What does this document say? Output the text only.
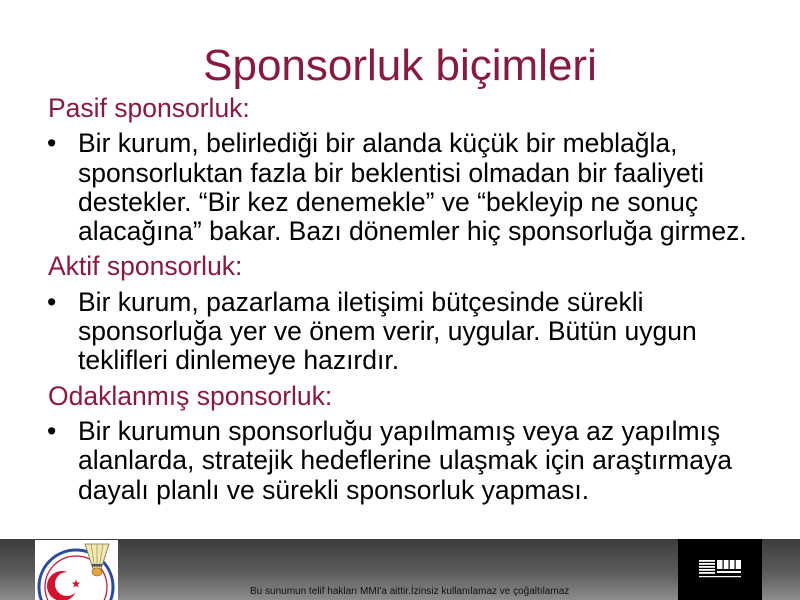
Sponsorluk biçimleri
Pasif sponsorluk:
• Bir kurum, belirlediği bir alanda küçük bir meblağla,
sponsorluktan fazla bir beklentisi olmadan bir faaliyeti
destekler. “Bir kez denemekle” ve “bekleyip ne sonuç
alacağına” bakar. Bazı dönemler hiç sponsorluğa girmez.
Aktif sponsorluk:
• Bir kurum, pazarlama iletişimi bütçesinde sürekli
sponsorluğa yer ve önem verir, uygular. Bütün uygun
teklifleri dinlemeye hazırdır.
Odaklanmış sponsorluk:
• Bir kurumun sponsorluğu yapılmamış veya az yapılmış
alanlarda, stratejik hedeflerine ulaşmak için araştırmaya
dayalı planlı ve sürekli sponsorluk yapması.
Bu sunumun telif hakları MMI'a aittir.İzinsiz kullanılamaz ve çoğaltılamaz
